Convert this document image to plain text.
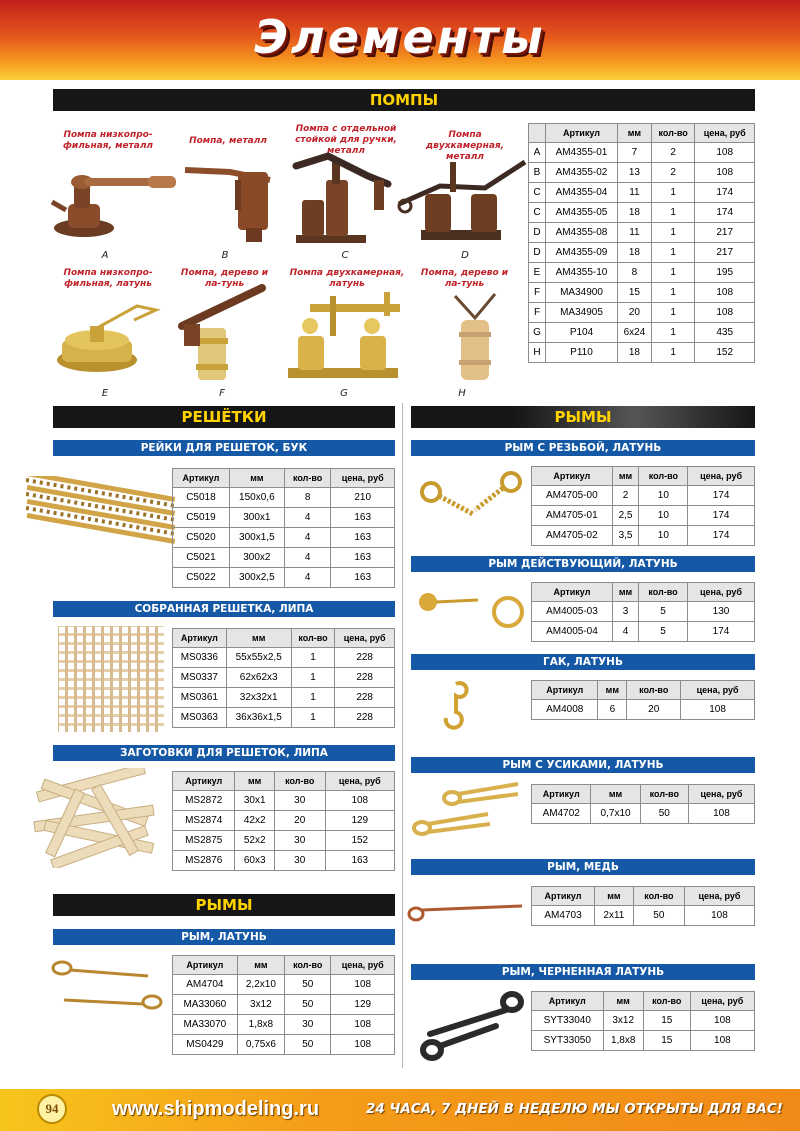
Элементы
ПОМПЫ
Помпа низкопро-фильная, металл	Помпа, металл
Помпа с отдельной стойкой для ручки, металл
Помпа двухкамерная, металл
Помпа низкопро-фильная, латунь
Помпа, дерево и ла-тунь
Помпа двухкамерная, латунь
Помпа, дерево и ла-тунь
A	B	C	D
E	F	G	H
	Артикул	мм	кол-во	цена, руб
A	AM4355-01	7	2	108
B	AM4355-02	13	2	108
C	AM4355-04	11	1	174
C	AM4355-05	18	1	174
D	AM4355-08	11	1	217
D	AM4355-09	18	1	217
E	AM4355-10	8	1	195
F	MA34900	15	1	108
F	MA34905	20	1	108
G	P104	6x24	1	435
H	P110	18	1	152
РЕШЁТКИ
РЕЙКИ ДЛЯ РЕШЕТОК, БУК
Артикул	мм	кол-во	цена, руб
C5018	150x0,6	8	210
C5019	300x1	4	163
C5020	300x1,5	4	163
C5021	300x2	4	163
C5022	300x2,5	4	163
СОБРАННАЯ РЕШЕТКА, ЛИПА
Артикул	мм	кол-во	цена, руб
MS0336	55x55x2,5	1	228
MS0337	62x62x3	1	228
MS0361	32x32x1	1	228
MS0363	36x36x1,5	1	228
ЗАГОТОВКИ ДЛЯ РЕШЕТОК, ЛИПА
Артикул	мм	кол-во	цена, руб
MS2872	30x1	30	108
MS2874	42x2	20	129
MS2875	52x2	30	152
MS2876	60x3	30	163
РЫМЫ
РЫМ, ЛАТУНЬ
Артикул	мм	кол-во	цена, руб
AM4704	2,2x10	50	108
MA33060	3x12	50	129
MA33070	1,8x8	30	108
MS0429	0,75x6	50	108
РЫМЫ
РЫМ С РЕЗЬБОЙ, ЛАТУНЬ
Артикул	мм	кол-во	цена, руб
AM4705-00	2	10	174
AM4705-01	2,5	10	174
AM4705-02	3,5	10	174
РЫМ ДЕЙСТВУЮЩИЙ, ЛАТУНЬ
Артикул	мм	кол-во	цена, руб
AM4005-03	3	5	130
AM4005-04	4	5	174
ГАК, ЛАТУНЬ
Артикул	мм	кол-во	цена, руб
AM4008	6	20	108
РЫМ С УСИКАМИ, ЛАТУНЬ
Артикул	мм	кол-во	цена, руб
AM4702	0,7x10	50	108
РЫМ, МЕДЬ
Артикул	мм	кол-во	цена, руб
AM4703	2x11	50	108
РЫМ, ЧЕРНЕННАЯ ЛАТУНЬ
Артикул	мм	кол-во	цена, руб
SYT33040	3x12	15	108
SYT33050	1,8x8	15	108
94	www.shipmodeling.ru	24 ЧАСА, 7 ДНЕЙ В НЕДЕЛЮ МЫ ОТКРЫТЫ ДЛЯ ВАС!
